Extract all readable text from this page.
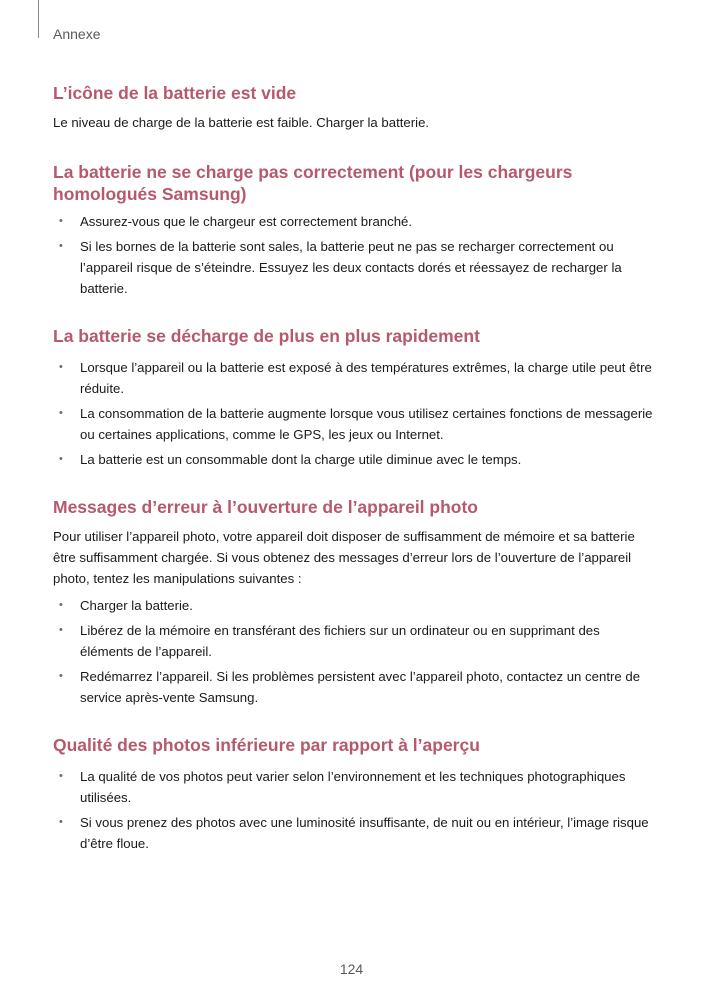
Annexe
L’icône de la batterie est vide

Le niveau de charge de la batterie est faible. Charger la batterie.

La batterie ne se charge pas correctement (pour les chargeurs homologués Samsung)
• Assurez-vous que le chargeur est correctement branché.
• Si les bornes de la batterie sont sales, la batterie peut ne pas se recharger correctement ou l’appareil risque de s’éteindre. Essuyez les deux contacts dorés et réessayez de recharger la batterie.
La batterie se décharge de plus en plus rapidement
• Lorsque l’appareil ou la batterie est exposé à des températures extrêmes, la charge utile peut être réduite.
• La consommation de la batterie augmente lorsque vous utilisez certaines fonctions de messagerie ou certaines applications, comme le GPS, les jeux ou Internet.
• La batterie est un consommable dont la charge utile diminue avec le temps.
Messages d’erreur à l’ouverture de l’appareil photo

Pour utiliser l’appareil photo, votre appareil doit disposer de suffisamment de mémoire et sa batterie être suffisamment chargée. Si vous obtenez des messages d’erreur lors de l’ouverture de l’appareil photo, tentez les manipulations suivantes :

• Charger la batterie.
• Libérez de la mémoire en transférant des fichiers sur un ordinateur ou en supprimant des éléments de l’appareil.
• Redémarrez l’appareil. Si les problèmes persistent avec l’appareil photo, contactez un centre de service après-vente Samsung.
Qualité des photos inférieure par rapport à l’aperçu
• La qualité de vos photos peut varier selon l’environnement et les techniques photographiques utilisées.
• Si vous prenez des photos avec une luminosité insuffisante, de nuit ou en intérieur, l’image risque d’être floue.
124
